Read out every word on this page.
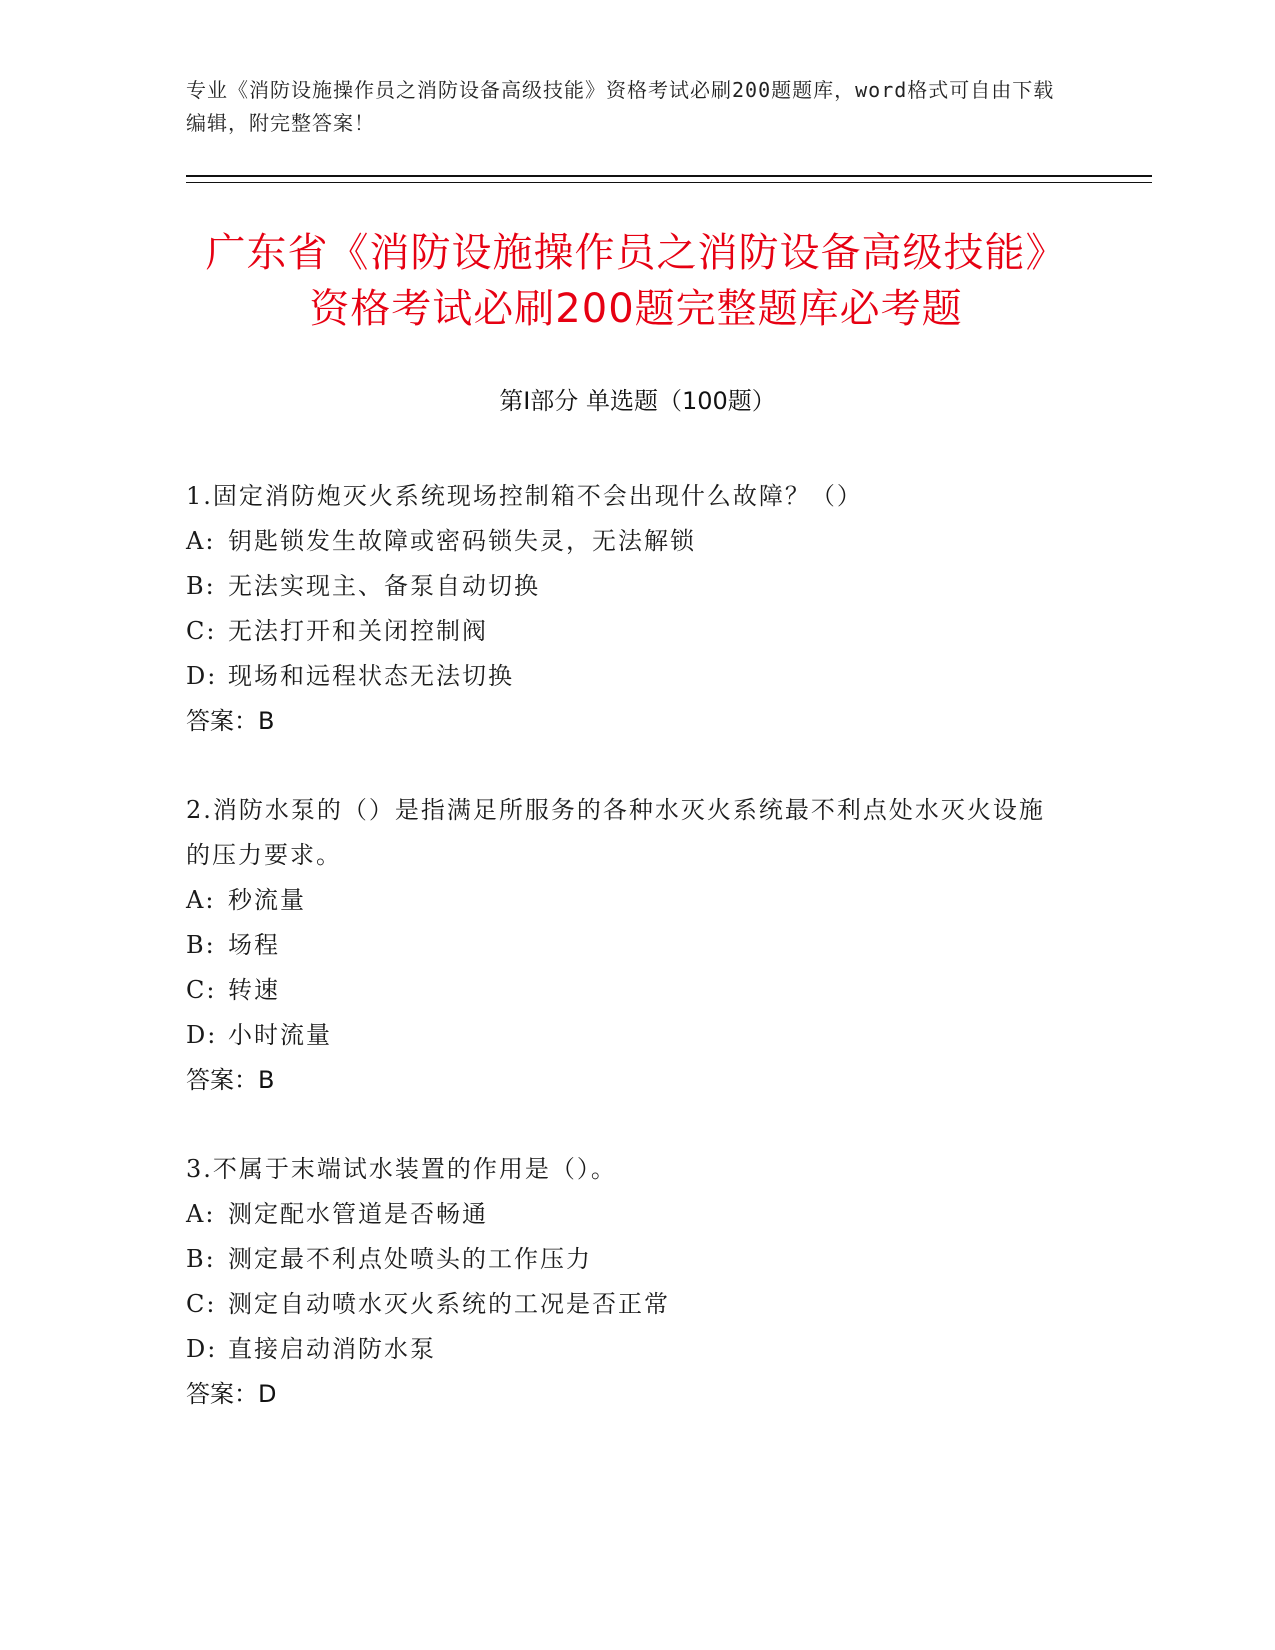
专业《消防设施操作员之消防设备高级技能》资格考试必刷200题题库，word格式可自由下载编辑，附完整答案！
广东省《消防设施操作员之消防设备高级技能》资格考试必刷200题完整题库必考题
第Ⅰ部分 单选题（100题）
1.固定消防炮灭火系统现场控制箱不会出现什么故障？（）
A: 钥匙锁发生故障或密码锁失灵，无法解锁
B: 无法实现主、备泵自动切换
C: 无法打开和关闭控制阀
D: 现场和远程状态无法切换
答案：B
2.消防水泵的（）是指满足所服务的各种水灭火系统最不利点处水灭火设施的压力要求。
A: 秒流量
B: 场程
C: 转速
D: 小时流量
答案：B
3.不属于末端试水装置的作用是（）。
A: 测定配水管道是否畅通
B: 测定最不利点处喷头的工作压力
C: 测定自动喷水灭火系统的工况是否正常
D: 直接启动消防水泵
答案：D
